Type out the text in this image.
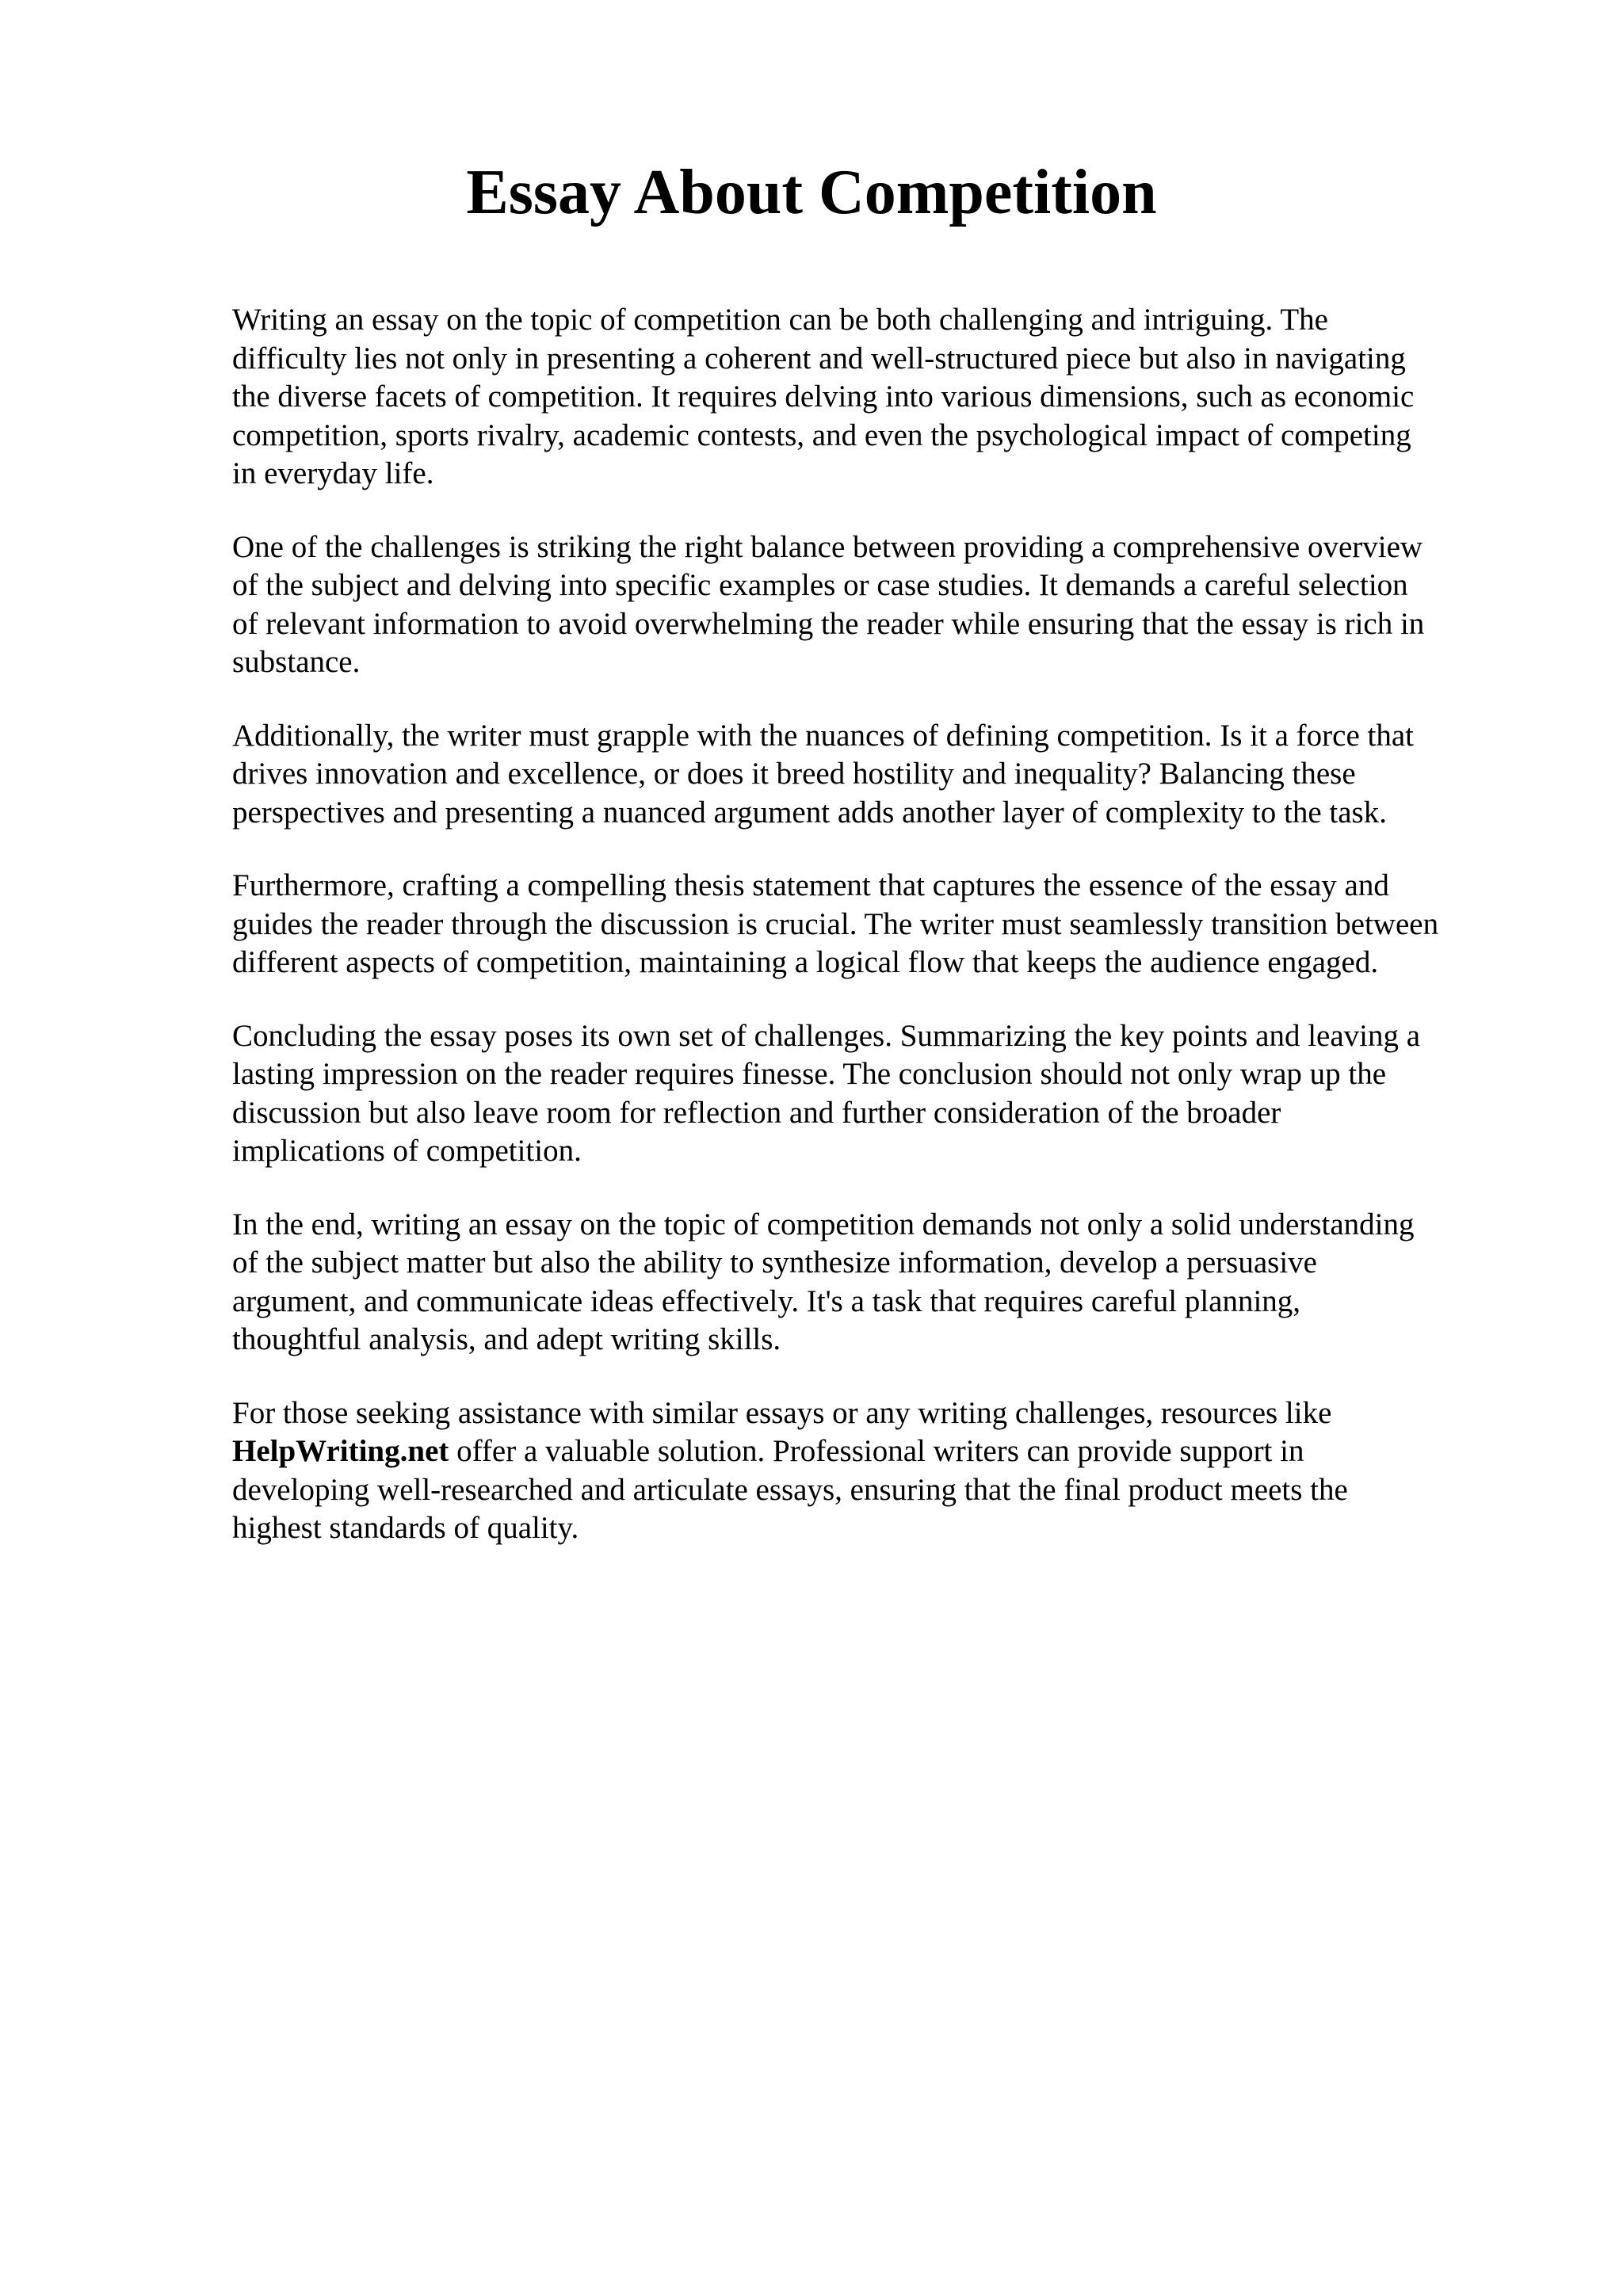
Essay About Competition

Writing an essay on the topic of competition can be both challenging and intriguing. The
difficulty lies not only in presenting a coherent and well-structured piece but also in navigating
the diverse facets of competition. It requires delving into various dimensions, such as economic
competition, sports rivalry, academic contests, and even the psychological impact of competing
in everyday life.

One of the challenges is striking the right balance between providing a comprehensive overview
of the subject and delving into specific examples or case studies. It demands a careful selection
of relevant information to avoid overwhelming the reader while ensuring that the essay is rich in
substance.

Additionally, the writer must grapple with the nuances of defining competition. Is it a force that
drives innovation and excellence, or does it breed hostility and inequality? Balancing these
perspectives and presenting a nuanced argument adds another layer of complexity to the task.

Furthermore, crafting a compelling thesis statement that captures the essence of the essay and
guides the reader through the discussion is crucial. The writer must seamlessly transition between
different aspects of competition, maintaining a logical flow that keeps the audience engaged.

Concluding the essay poses its own set of challenges. Summarizing the key points and leaving a
lasting impression on the reader requires finesse. The conclusion should not only wrap up the
discussion but also leave room for reflection and further consideration of the broader
implications of competition.

In the end, writing an essay on the topic of competition demands not only a solid understanding
of the subject matter but also the ability to synthesize information, develop a persuasive
argument, and communicate ideas effectively. It's a task that requires careful planning,
thoughtful analysis, and adept writing skills.

For those seeking assistance with similar essays or any writing challenges, resources like
HelpWriting.net offer a valuable solution. Professional writers can provide support in
developing well-researched and articulate essays, ensuring that the final product meets the
highest standards of quality.
